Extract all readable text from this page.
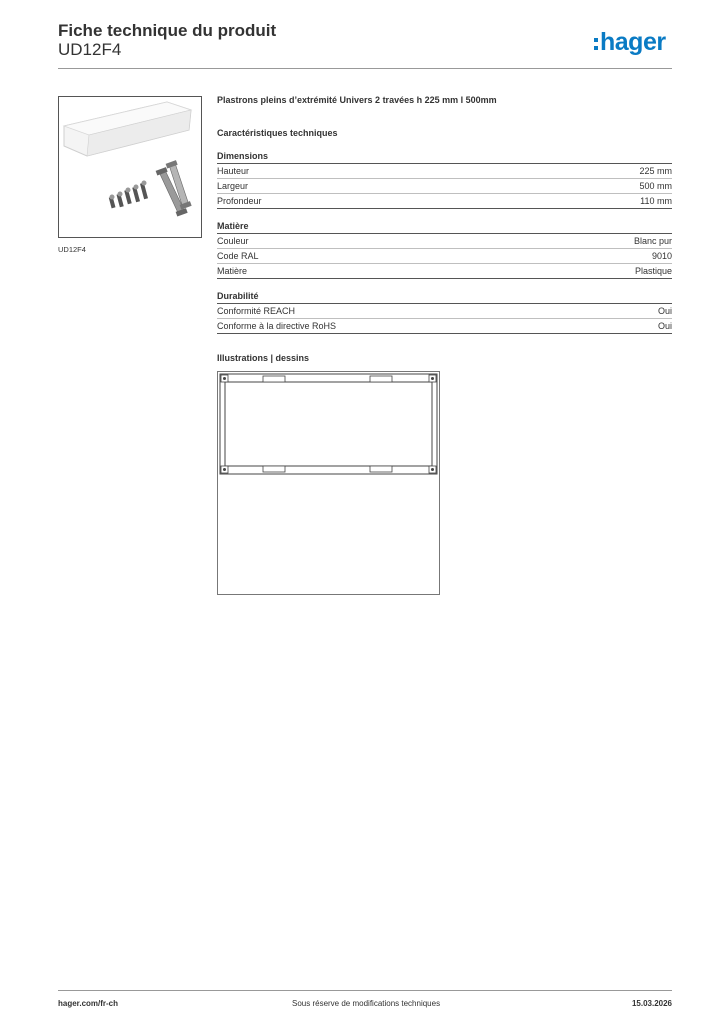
Fiche technique du produit
UD12F4	hager
UD12F4

Plastrons pleins d’extrémité Univers 2 travées h 225 mm l 500mm

Caractéristiques techniques
Dimensions
Hauteur	225 mm
Largeur	500 mm
Profondeur	110 mm
Matière
Couleur	Blanc pur
Code RAL	9010
Matière	Plastique
Durabilité
Conformité REACH	Oui
Conforme à la directive RoHS	Oui
Illustrations | dessins
hager.com/fr-ch	Sous réserve de modifications techniques	15.03.2026
